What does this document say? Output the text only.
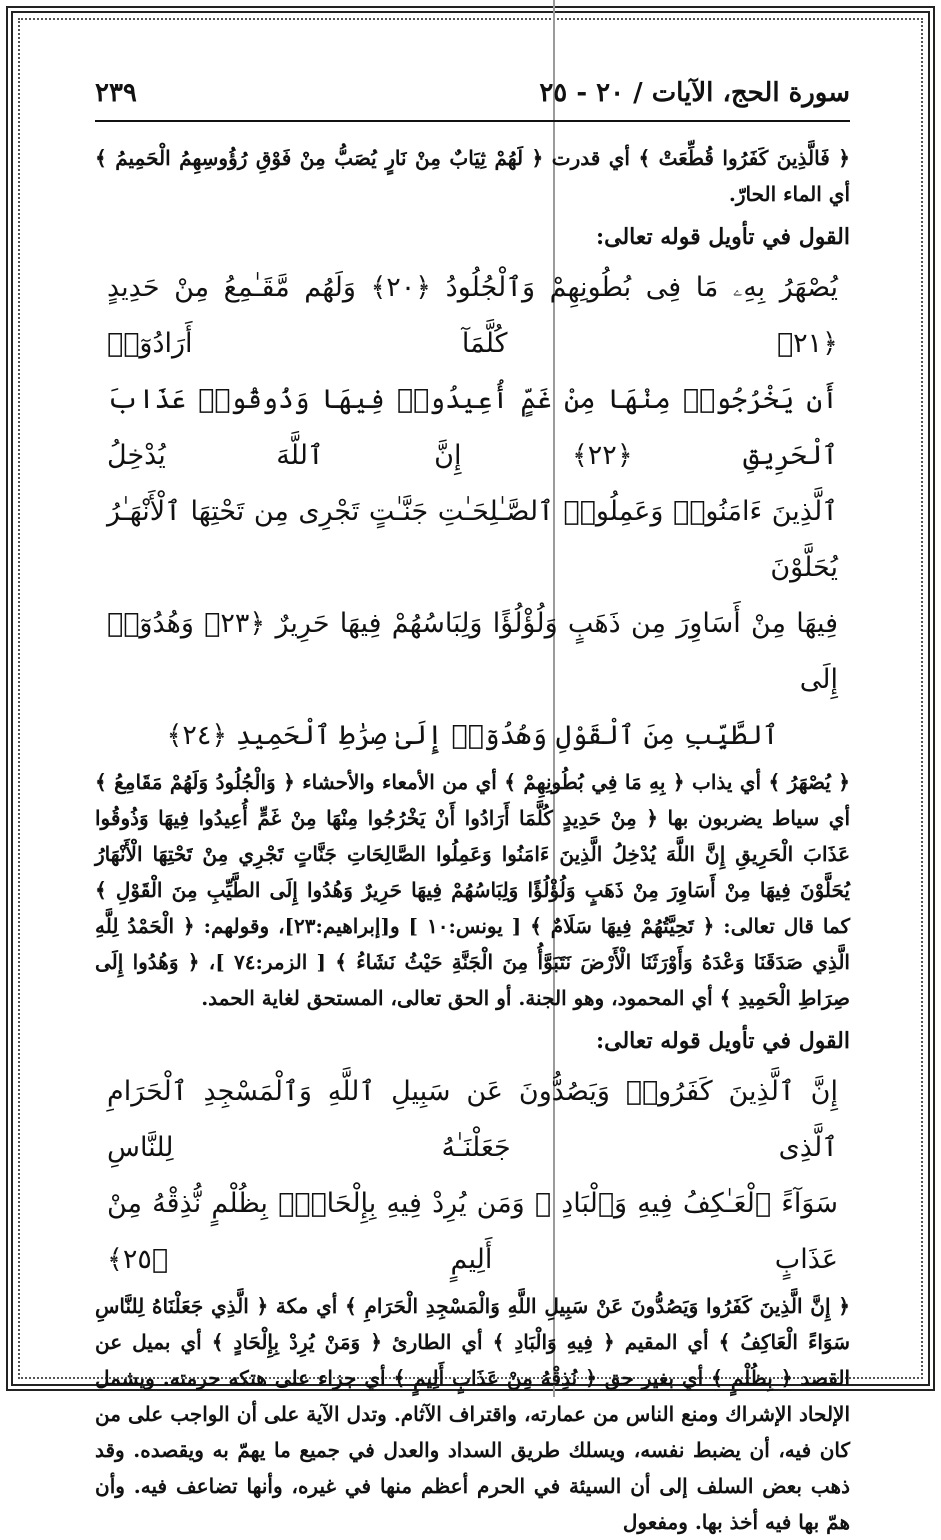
سورة الحج، الآيات / ٢٠ - ٢٥
٢٣٩

﴿ فَالَّذِينَ كَفَرُوا قُطِّعَتْ ﴾ أي قدرت ﴿ لَهُمْ ثِيَابٌ مِنْ نَارٍ يُصَبُّ مِنْ فَوْقِ رُؤُوسِهِمُ الْحَمِيمُ ﴾ أي الماء الحارّ.

القول في تأويل قوله تعالى:
يُصْهَرُ بِهِۦ مَا فِى بُطُونِهِمْ وَٱلْجُلُودُ ﴿٢٠﴾ وَلَهُم مَّقَـٰمِعُ مِنْ حَدِيدٍ ﴿٢١﴾ كُلَّمَآ أَرَادُوٓا۟
أَن يَخْرُجُوا۟ مِنْهَا مِنْ غَمٍّ أُعِيدُوا۟ فِيهَا وَذُوقُوا۟ عَذَابَ ٱلْحَرِيقِ ﴿٢٢﴾ إِنَّ ٱللَّهَ يُدْخِلُ
ٱلَّذِينَ ءَامَنُوا۟ وَعَمِلُوا۟ ٱلصَّـٰلِحَـٰتِ جَنَّـٰتٍ تَجْرِى مِن تَحْتِهَا ٱلْأَنْهَـٰرُ يُحَلَّوْنَ
فِيهَا مِنْ أَسَاوِرَ مِن ذَهَبٍ وَلُؤْلُؤًا وَلِبَاسُهُمْ فِيهَا حَرِيرٌ ﴿٢٣﴾ وَهُدُوٓا۟ إِلَى
ٱلطَّيِّبِ مِنَ ٱلْقَوْلِ وَهُدُوٓا۟ إِلَىٰ صِرَٰطِ ٱلْحَمِيدِ ﴿٢٤﴾

﴿ يُصْهَرُ ﴾ أي يذاب ﴿ بِهِ مَا فِي بُطُونِهِمْ ﴾ أي من الأمعاء والأحشاء ﴿ وَالْجُلُودُ وَلَهُمْ مَقَامِعُ ﴾ أي سياط يضربون بها ﴿ مِنْ حَدِيدٍ كُلَّمَا أَرَادُوا أَنْ يَخْرُجُوا مِنْهَا مِنْ غَمٍّ أُعِيدُوا فِيهَا وَذُوقُوا عَذَابَ الْحَرِيقِ إِنَّ اللَّهَ يُدْخِلُ الَّذِينَ ءَامَنُوا وَعَمِلُوا الصَّالِحَاتِ جَنَّاتٍ تَجْرِي مِنْ تَحْتِهَا الْأَنْهَارُ يُحَلَّوْنَ فِيهَا مِنْ أَسَاوِرَ مِنْ ذَهَبٍ وَلُؤْلُؤًا وَلِبَاسُهُمْ فِيهَا حَرِيرٌ وَهُدُوا إِلَى الطَّيِّبِ مِنَ الْقَوْلِ ﴾ كما قال تعالى: ﴿ تَحِيَّتُهُمْ فِيهَا سَلَامٌ ﴾ [ يونس:١٠ ] و[إبراهيم:٢٣]، وقولهم: ﴿ الْحَمْدُ لِلَّهِ الَّذِي صَدَقَنَا وَعْدَهُ وَأَوْرَثَنَا الْأَرْضَ نَتَبَوَّأُ مِنَ الْجَنَّةِ حَيْثُ نَشَاءُ ﴾ [ الزمر:٧٤ ]، ﴿ وَهُدُوا إِلَى صِرَاطِ الْحَمِيدِ ﴾ أي المحمود، وهو الجنة. أو الحق تعالى، المستحق لغاية الحمد.

القول في تأويل قوله تعالى:
إِنَّ ٱلَّذِينَ كَفَرُوا۟ وَيَصُدُّونَ عَن سَبِيلِ ٱللَّهِ وَٱلْمَسْجِدِ ٱلْحَرَامِ ٱلَّذِى جَعَلْنَـٰهُ لِلنَّاسِ
سَوَآءً ٱلْعَـٰكِفُ فِيهِ وَٱلْبَادِ ۚ وَمَن يُرِدْ فِيهِ بِإِلْحَادٍۭ بِظُلْمٍ نُّذِقْهُ مِنْ عَذَابٍ أَلِيمٍ ﴿٢٥﴾

﴿ إِنَّ الَّذِينَ كَفَرُوا وَيَصُدُّونَ عَنْ سَبِيلِ اللَّهِ وَالْمَسْجِدِ الْحَرَامِ ﴾ أي مكة ﴿ الَّذِي جَعَلْنَاهُ لِلنَّاسِ سَوَاءً الْعَاكِفُ ﴾ أي المقيم ﴿ فِيهِ وَالْبَادِ ﴾ أي الطارئ ﴿ وَمَنْ يُرِدْ بِإِلْحَادٍ ﴾ أي بميل عن القصد ﴿ بِظُلْمٍ ﴾ أي بغير حق ﴿ نُذِقْهُ مِنْ عَذَابٍ أَلِيمٍ ﴾ أي جزاء على هتكه حرمته. ويشمل الإلحاد الإشراك ومنع الناس من عمارته، واقتراف الآثام. وتدل الآية على أن الواجب على من كان فيه، أن يضبط نفسه، ويسلك طريق السداد والعدل في جميع ما يهمّ به ويقصده. وقد ذهب بعض السلف إلى أن السيئة في الحرم أعظم منها في غيره، وأنها تضاعف فيه. وأن همّ بها فيه أخذ بها. ومفعول
